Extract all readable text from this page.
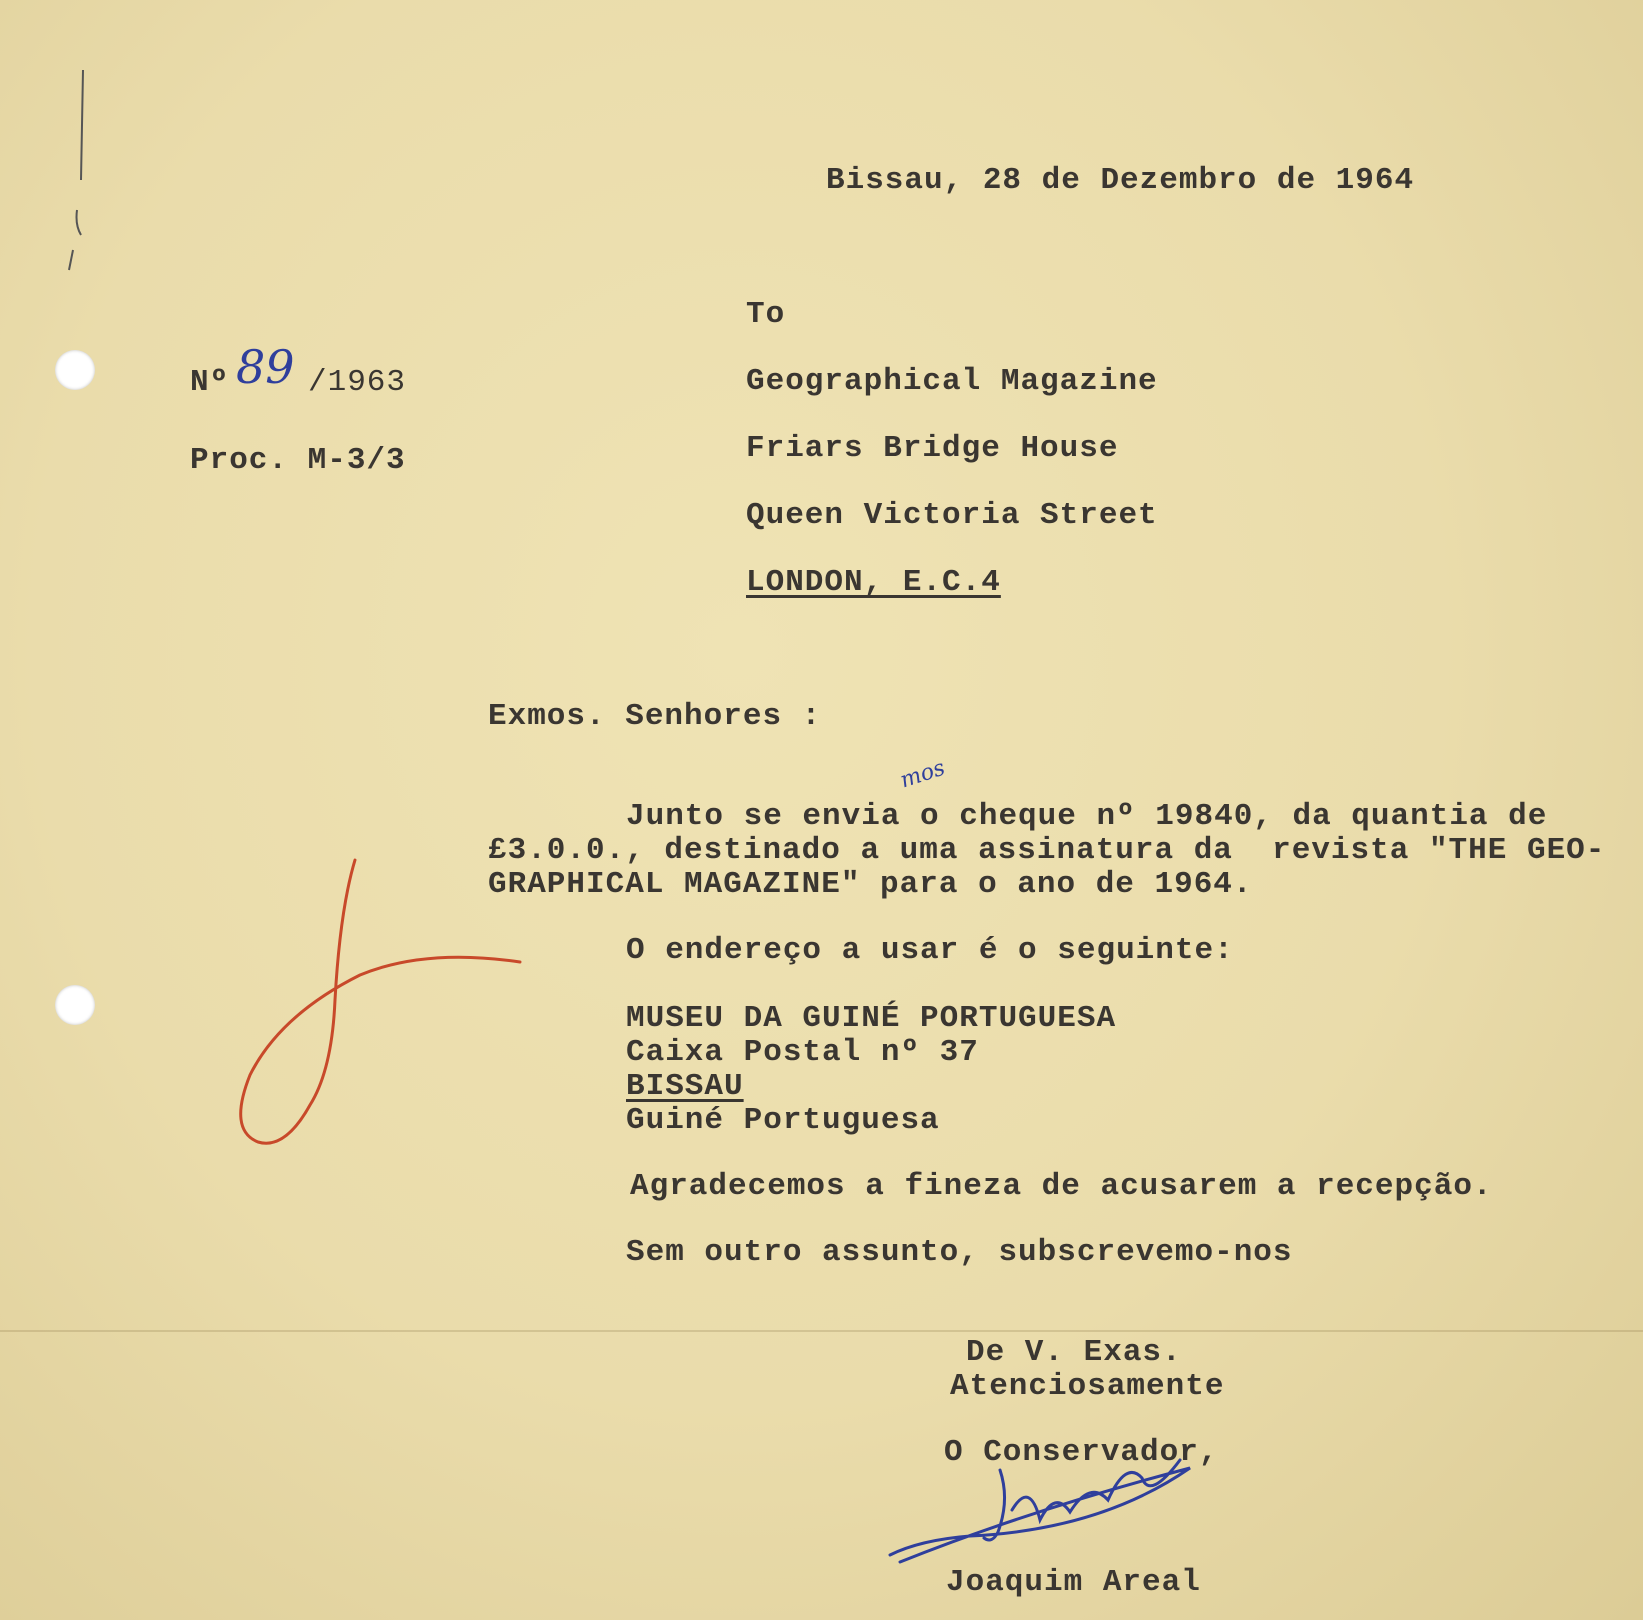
Bissau, 28 de Dezembro de 1964
Nº 89 /1963
Proc. M-3/3
To
Geographical Magazine
Friars Bridge House
Queen Victoria Street
LONDON, E.C.4
Exmos. Senhores :
Junto se envia o cheque nº 19840, da quantia de
mos
£3.0.0., destinado a uma assinatura da  revista "THE GEO-
GRAPHICAL MAGAZINE" para o ano de 1964.
O endereço a usar é o seguinte:
MUSEU DA GUINÉ PORTUGUESA
Caixa Postal nº 37
BISSAU
Guiné Portuguesa
Agradecemos a fineza de acusarem a recepção.
Sem outro assunto, subscrevemo-nos
De V. Exas.
Atenciosamente
O Conservador,
Joaquim Areal
